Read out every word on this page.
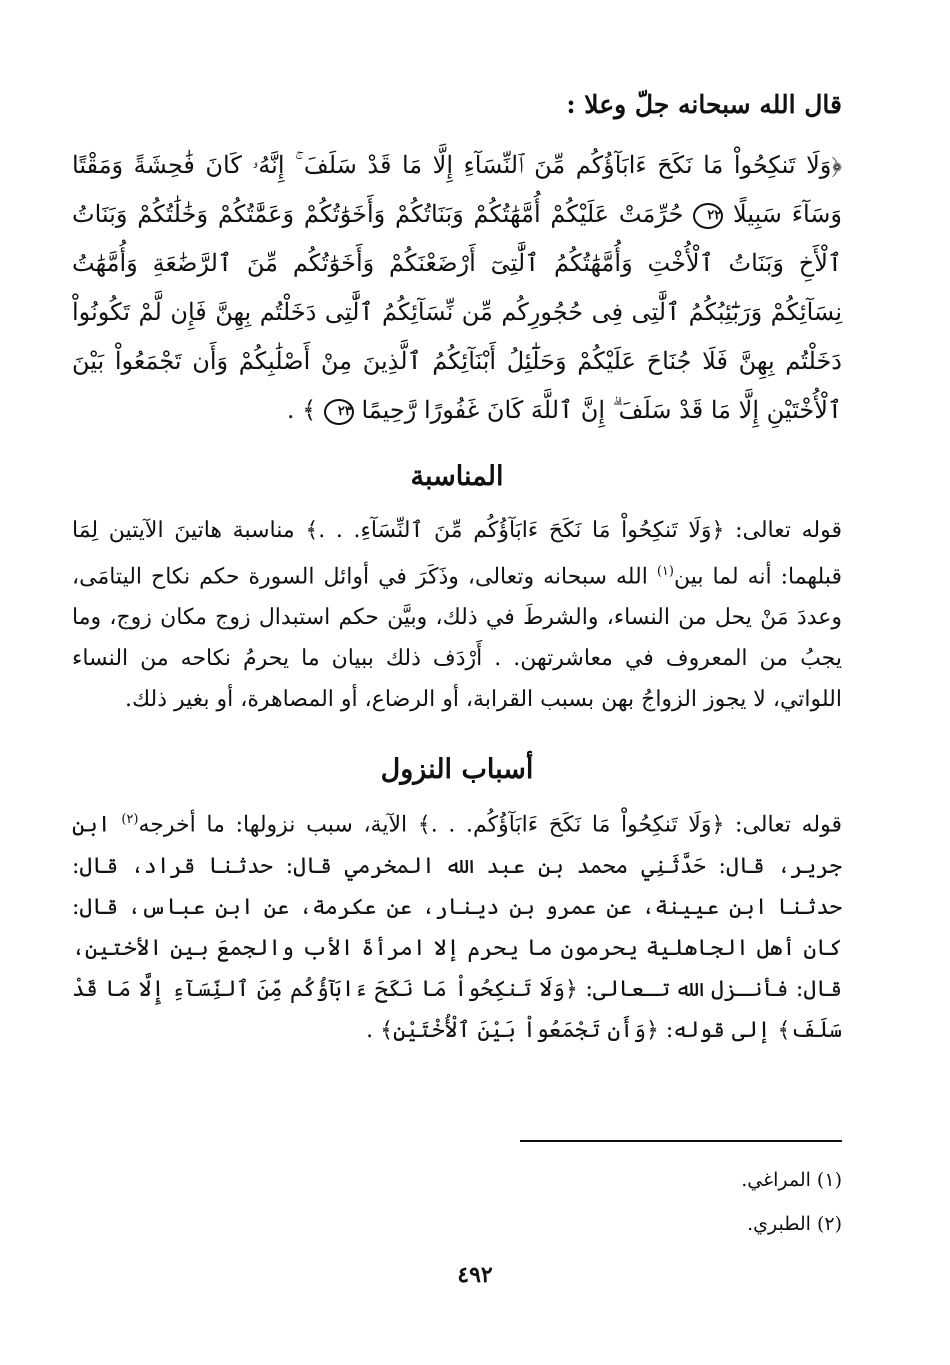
قال الله سبحانه جلّ وعلا :

﴿وَلَا تَنكِحُواْ مَا نَكَحَ ءَابَآؤُكُم مِّنَ ٱلنِّسَآءِ إِلَّا مَا قَدْ سَلَفَ ۚ إِنَّهُۥ كَانَ فَٰحِشَةً وَمَقْتًا وَسَآءَ سَبِيلًا ٢٢ حُرِّمَتْ عَلَيْكُمْ أُمَّهَٰتُكُمْ وَبَنَاتُكُمْ وَأَخَوَٰتُكُمْ وَعَمَّٰتُكُمْ وَخَٰلَٰتُكُمْ وَبَنَاتُ ٱلْأَخِ وَبَنَاتُ ٱلْأُخْتِ وَأُمَّهَٰتُكُمُ ٱلَّٰتِىٓ أَرْضَعْنَكُمْ وَأَخَوَٰتُكُم مِّنَ ٱلرَّضَٰعَةِ وَأُمَّهَٰتُ نِسَآئِكُمْ وَرَبَٰٓئِبُكُمُ ٱلَّٰتِى فِى حُجُورِكُم مِّن نِّسَآئِكُمُ ٱلَّٰتِى دَخَلْتُم بِهِنَّ فَإِن لَّمْ تَكُونُواْ دَخَلْتُم بِهِنَّ فَلَا جُنَاحَ عَلَيْكُمْ وَحَلَٰٓئِلُ أَبْنَآئِكُمُ ٱلَّذِينَ مِنْ أَصْلَٰبِكُمْ وَأَن تَجْمَعُواْ بَيْنَ ٱلْأُخْتَيْنِ إِلَّا مَا قَدْ سَلَفَ ۗ إِنَّ ٱللَّهَ كَانَ غَفُورًا رَّحِيمًا ٢٣ ﴾ .

المناسبة

قوله تعالى: ﴿وَلَا تَنكِحُواْ مَا نَكَحَ ءَابَآؤُكُم مِّنَ ٱلنِّسَآءِ. . .﴾ مناسبة هاتينَ الآيتين لِمَا قبلهما: أنه لما بين$^{(١)}$ الله سبحانه وتعالى، وذَكَرَ في أوائل السورة حكم نكاح اليتامَى، وعددَ مَنْ يحل من النساء، والشرطَ في ذلك، وبيَّن حكم استبدال زوج مكان زوج، وما يجبُ من المعروف في معاشرتهن. . أَرْدَف ذلك ببيان ما يحرمُ نكاحه من النساء اللواتي، لا يجوز الزواجُ بهن بسبب القرابة، أو الرضاع، أو المصاهرة، أو بغير ذلك.

أسباب النزول

قوله تعالى: ﴿وَلَا تَنكِحُواْ مَا نَكَحَ ءَابَآؤُكُم. . .﴾ الآية، سبب نزولها: ما أخرجه$^{(٢)}$ ابن جرير، قال: حَدَّثَنِي محمد بن عبد الله المخرمي قال: حدثنا قراد، قال: حدثنا ابن عيينة، عن عمرو بن دينار، عن عكرمة، عن ابن عباس، قال: كان أهل الجاهلية يحرمون ما يحرم إلا امرأةَ الأب والجمعَ بين الأختين، قال: فأنـزل الله تـعالى: ﴿وَلَا تَنكِحُواْ مَا نَكَحَ ءَابَآؤُكُم مِّنَ ٱلنِّسَآءِ إِلَّا مَا قَدْ سَلَفَ﴾ إلى قوله: ﴿وَأَن تَجْمَعُواْ بَيْنَ ٱلْأُخْتَيْنِ﴾ .

(١) المراغي.
(٢) الطبري.
٤٩٢
